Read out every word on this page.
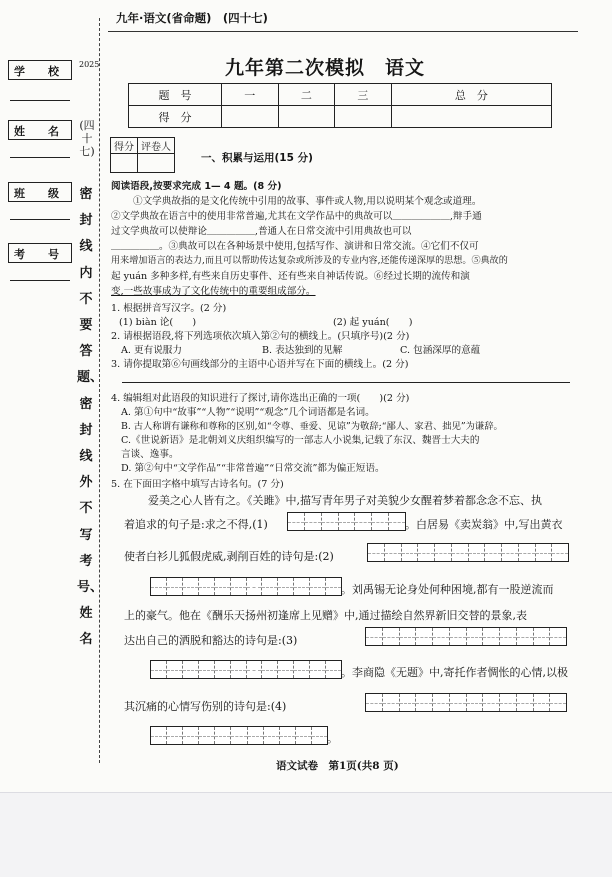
学　校
姓　名
班　级
考　号
2025
(四十七)
密封线内不要答题、密封线外不写考号、姓名
九年·语文(省命题)　(四十七)
九年第二次模拟　语文
题　号	一	二	三	总　分
得　分				
得分	评卷人

一、积累与运用(15 分)
阅读语段,按要求完成 1— 4 题。(8 分)
①文学典故指的是文化传统中引用的故事、事件或人物,用以说明某个观念或道理。
②文学典故在语言中的使用非常普遍,尤其在文学作品中的典故可以＿＿＿＿＿＿,辩手通
过文学典故可以使辩论＿＿＿＿＿,普通人在日常交流中引用典故也可以
＿＿＿＿＿。③典故可以在各种场景中使用,包括写作、演讲和日常交流。④它们不仅可
用来增加语言的表达力,而且可以帮助传达复杂或所涉及的专业内容,还能传递深厚的思想。⑤典故的
起 yuán 多种多样,有些来自历史事件、还有些来自神话传说。⑥经过长期的流传和演
变,一些故事成为了文化传统中的重要组成部分。
1. 根据拼音写汉字。(2 分)
(1) biàn 论(　　)	(2) 起 yuán(　　)
2. 请根据语段,将下列选项依次填入第②句的横线上。(只填序号)(2 分)
A. 更有说服力	B. 表达独到的见解	C. 包涵深厚的意蕴
3. 请你提取第⑥句画线部分的主语中心语并写在下面的横线上。(2 分)
4. 编辑组对此语段的知识进行了探讨,请你选出正确的一项(　　)(2 分)
A. 第①句中“故事”“人物”“说明”“观念”几个词语都是名词。
B. 古人称谓有谦称和尊称的区别,如“令尊、垂爱、见谅”为敬辞;“鄙人、家君、拙见”为谦辞。
C.《世说新语》是北朝刘义庆组织编写的一部志人小说集,记载了东汉、魏晋士大夫的
言谈、逸事。
D. 第②句中“文学作品”“非常普遍”“日常交流”都为偏正短语。
5. 在下面田字格中填写古诗名句。(7 分)
爱美之心人皆有之。《关雎》中,描写青年男子对美貌少女醒着梦着都念念不忘、执
着追求的句子是:求之不得,(1)	。白居易《卖炭翁》中,写出黄衣
使者白衫儿狐假虎威,剥削百姓的诗句是:(2)
。刘禹锡无论身处何种困境,都有一股逆流而
上的豪气。他在《酬乐天扬州初逢席上见赠》中,通过描绘自然界新旧交替的景象,表
达出自己的洒脱和豁达的诗句是:(3)
。李商隐《无题》中,寄托作者惆怅的心情,以极
其沉痛的心情写伤别的诗句是:(4)
。
语文试卷　第1页(共8 页)
